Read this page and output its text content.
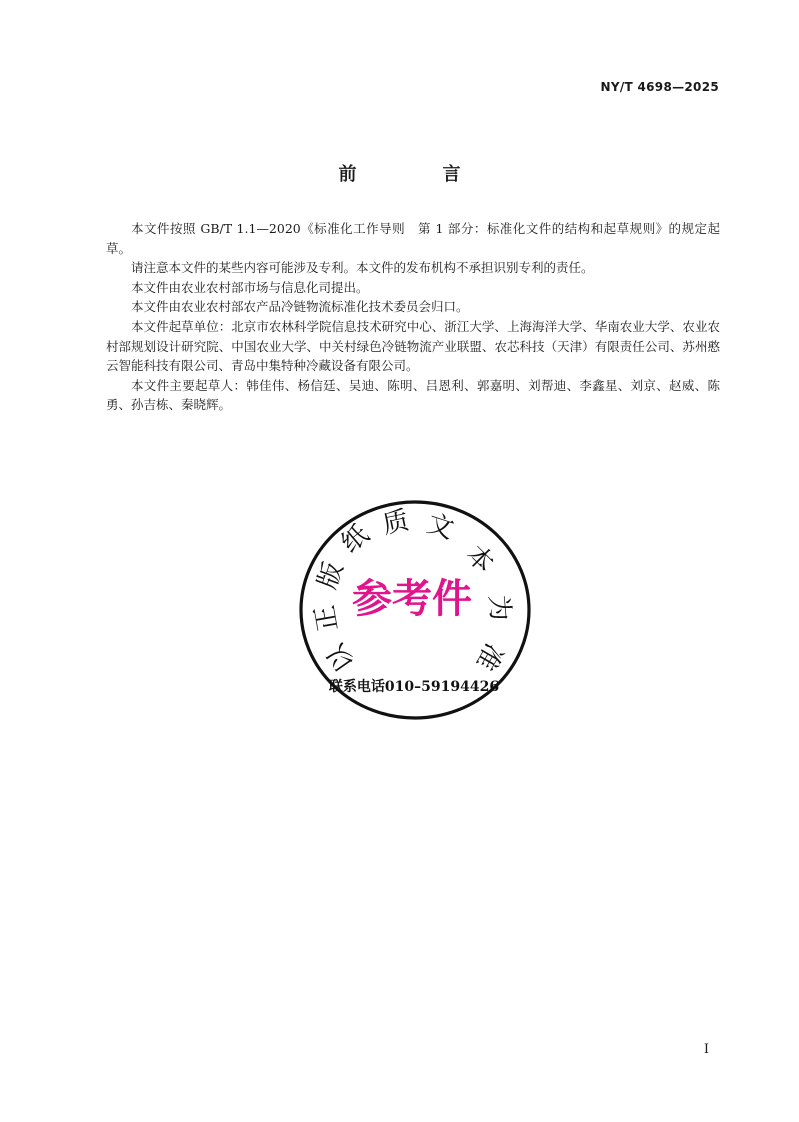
NY/T 4698—2025
前　言

本文件按照 GB/T 1.1—2020《标准化工作导则　第 1 部分：标准化文件的结构和起草规则》的规定起草。

请注意本文件的某些内容可能涉及专利。本文件的发布机构不承担识别专利的责任。

本文件由农业农村部市场与信息化司提出。

本文件由农业农村部农产品冷链物流标准化技术委员会归口。

本文件起草单位：北京市农林科学院信息技术研究中心、浙江大学、上海海洋大学、华南农业大学、农业农村部规划设计研究院、中国农业大学、中关村绿色冷链物流产业联盟、农芯科技（天津）有限责任公司、苏州憨云智能科技有限公司、青岛中集特种冷藏设备有限公司。

本文件主要起草人：韩佳伟、杨信廷、吴迪、陈明、吕恩利、郭嘉明、刘帮迪、李鑫星、刘京、赵威、陈勇、孙吉栋、秦晓辉。

以
正
版
纸 质 文
本
为
准
参考件
联系电话010–59194426
I
